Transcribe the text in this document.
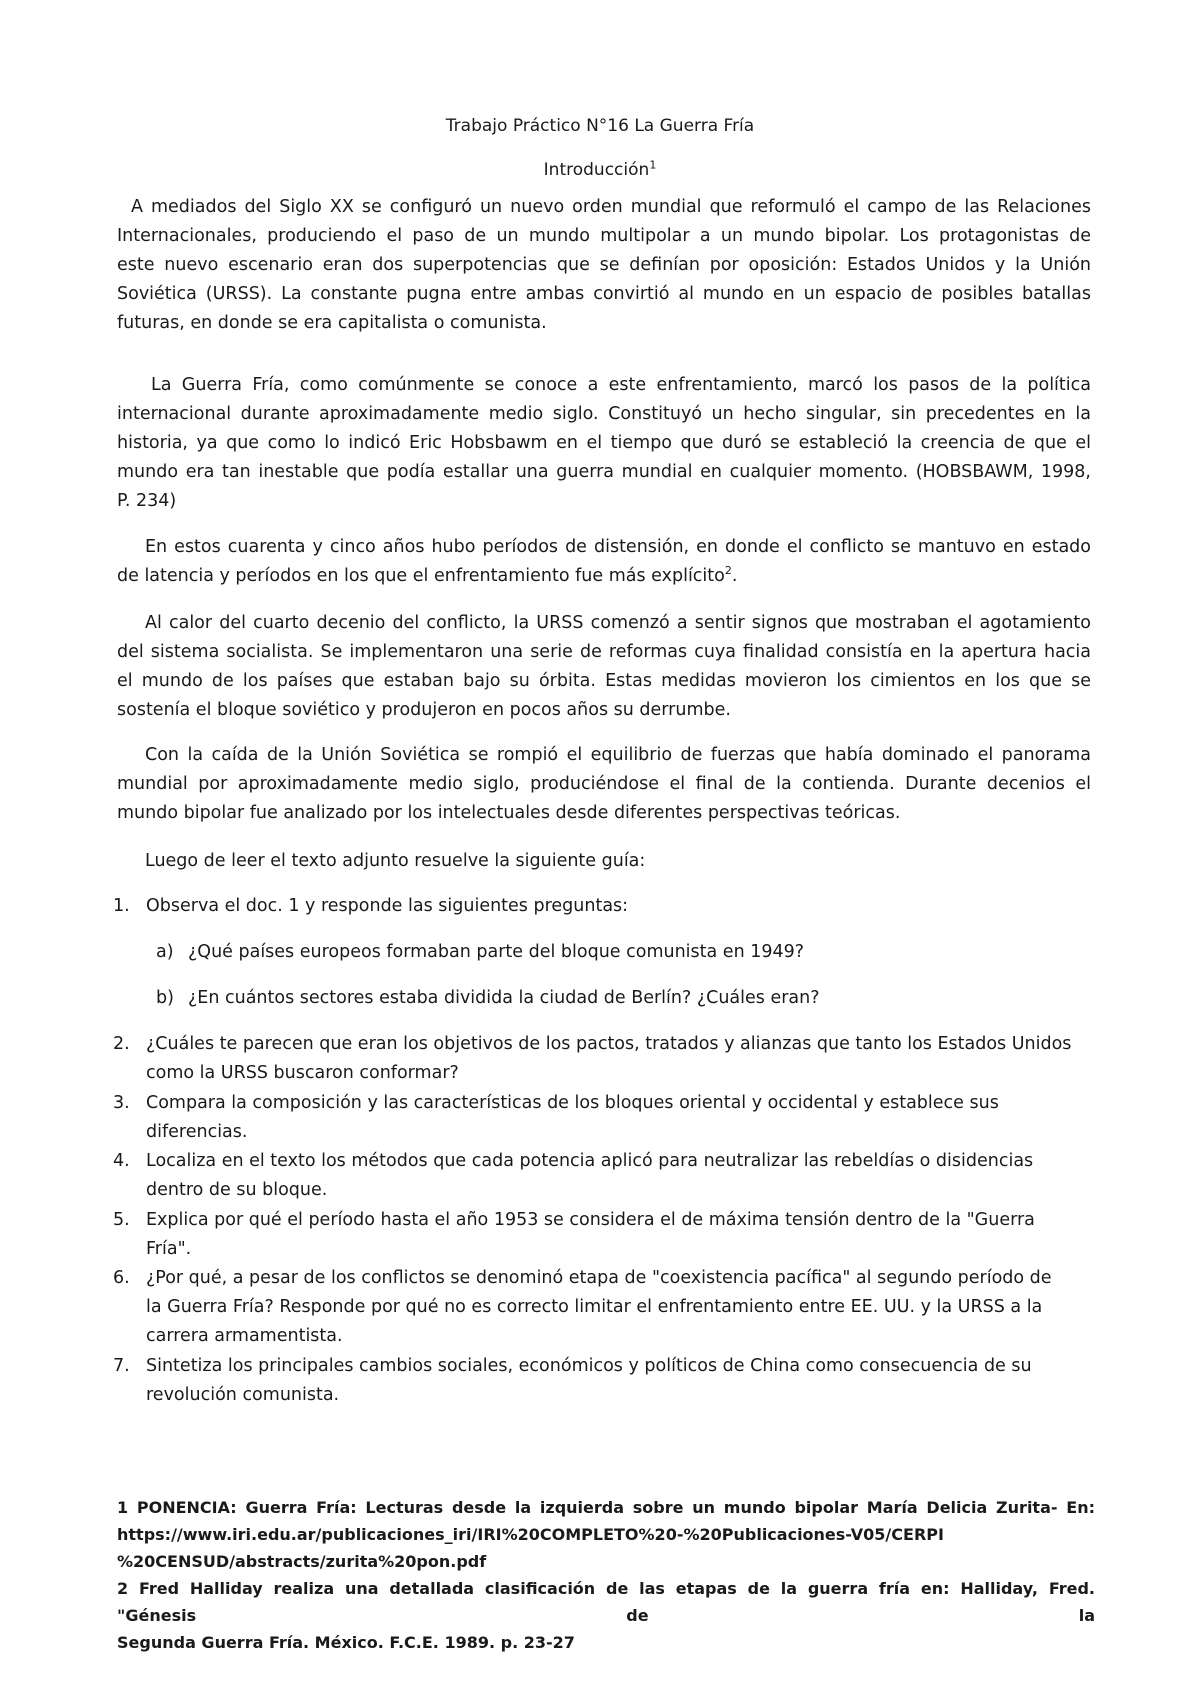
Trabajo Práctico N°16 La Guerra Fría
Introducción$^1$
A mediados del Siglo XX se configuró un nuevo orden mundial que reformuló el campo de las Relaciones
Internacionales, produciendo el paso de un mundo multipolar a un mundo bipolar. Los protagonistas de
este nuevo escenario eran dos superpotencias que se definían por oposición: Estados Unidos y la Unión
Soviética (URSS). La constante pugna entre ambas convirtió al mundo en un espacio de posibles batallas
futuras, en donde se era capitalista o comunista.
La Guerra Fría, como comúnmente se conoce a este enfrentamiento, marcó los pasos de la política
internacional durante aproximadamente medio siglo. Constituyó un hecho singular, sin precedentes en la
historia, ya que como lo indicó Eric Hobsbawm en el tiempo que duró se estableció la creencia de que el
mundo era tan inestable que podía estallar una guerra mundial en cualquier momento. (HOBSBAWM, 1998,
P. 234)
En estos cuarenta y cinco años hubo períodos de distensión, en donde el conflicto se mantuvo en estado
de latencia y períodos en los que el enfrentamiento fue más explícito$^2$.
Al calor del cuarto decenio del conflicto, la URSS comenzó a sentir signos que mostraban el agotamiento
del sistema socialista. Se implementaron una serie de reformas cuya finalidad consistía en la apertura hacia
el mundo de los países que estaban bajo su órbita. Estas medidas movieron los cimientos en los que se
sostenía el bloque soviético y produjeron en pocos años su derrumbe.
Con la caída de la Unión Soviética se rompió el equilibrio de fuerzas que había dominado el panorama
mundial por aproximadamente medio siglo, produciéndose el final de la contienda. Durante decenios el
mundo bipolar fue analizado por los intelectuales desde diferentes perspectivas teóricas.
Luego de leer el texto adjunto resuelve la siguiente guía:
1. Observa el doc. 1 y responde las siguientes preguntas:
a) ¿Qué países europeos formaban parte del bloque comunista en 1949?
b) ¿En cuántos sectores estaba dividida la ciudad de Berlín? ¿Cuáles eran?
2. ¿Cuáles te parecen que eran los objetivos de los pactos, tratados y alianzas que tanto los Estados Unidos
como la URSS buscaron conformar?
3. Compara la composición y las características de los bloques oriental y occidental y establece sus
diferencias.
4. Localiza en el texto los métodos que cada potencia aplicó para neutralizar las rebeldías o disidencias
dentro de su bloque.
5. Explica por qué el período hasta el año 1953 se considera el de máxima tensión dentro de la "Guerra
Fría".
6. ¿Por qué, a pesar de los conflictos se denominó etapa de "coexistencia pacífica" al segundo período de
la Guerra Fría? Responde por qué no es correcto limitar el enfrentamiento entre EE. UU. y la URSS a la
carrera armamentista.
7. Sintetiza los principales cambios sociales, económicos y políticos de China como consecuencia de su
revolución comunista.
1 PONENCIA: Guerra Fría: Lecturas desde la izquierda sobre un mundo bipolar María Delicia Zurita- En:
https://www.iri.edu.ar/publicaciones_iri/IRI%20COMPLETO%20-%20Publicaciones-V05/CERPI
%20CENSUD/abstracts/zurita%20pon.pdf
2 Fred Halliday realiza una detallada clasificación de las etapas de la guerra fría en: Halliday, Fred. "Génesis de la
Segunda Guerra Fría. México. F.C.E. 1989. p. 23-27
